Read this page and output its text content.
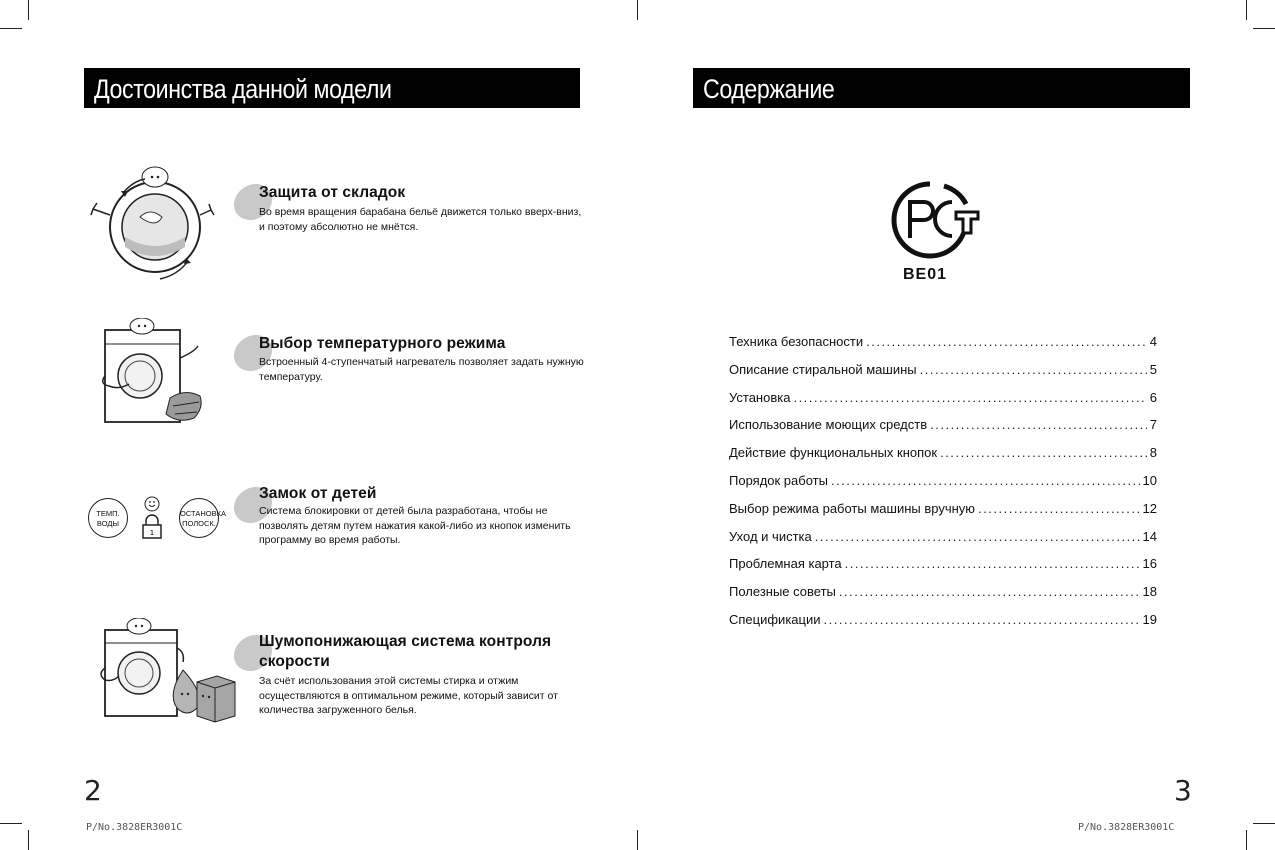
Достоинства данной модели
Защита от складок
Во время вращения барабана бельё движется только вверх-вниз, и поэтому абсолютно не мнётся.
Выбор температурного режима
Встроенный 4-ступенчатый нагреватель позволяет задать нужную температуру.
ТЕМП.
ВОДЫ
1
ОСТАНОВКА
ПОЛОСК.
Замок от детей
Система блокировки от детей была разработана, чтобы не позволять детям путем нажатия какой-либо из кнопок изменить программу во время работы.
Шумопонижающая система контроля скорости
За счёт использования этой системы стирка и отжим осуществляются в оптимальном режиме, который зависит от количества загруженного белья.
2
P/No.3828ER3001C
Содержание
BE01
Техника безопасности .....	4
Описание стиральной машины .....	5
Установка .....	6
Использование моющих средств .....	7
Действие функциональных кнопок .....	8
Порядок работы .....	10
Выбор режима работы машины вручную .....	12
Уход и чистка .....	14
Проблемная карта .....	16
Полезные советы .....	18
Спецификации .....	19
3
P/No.3828ER3001C
